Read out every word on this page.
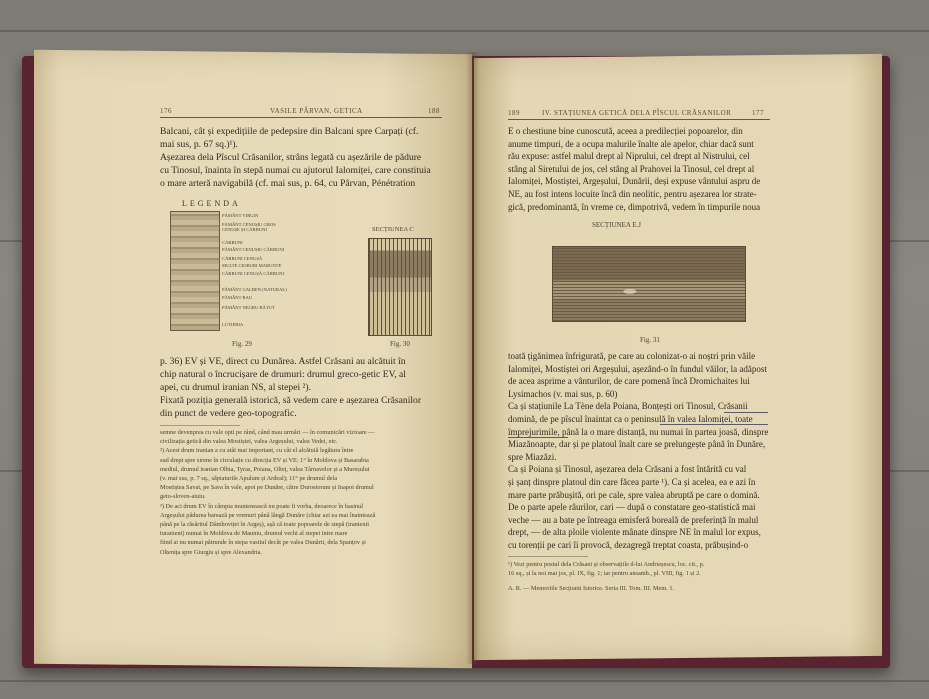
176	VASILE PÂRVAN, GETICA	188
Balcani, cât și expedițiile de pedepsire din Balcani spre Carpați (cf.
mai sus, p. 67 sq.)¹).
Așezarea dela Pîscul Crăsanilor, strâns legată cu așezările de pădure
cu Tinosul, înainta în stepă numai cu ajutorul Ialomiței, care constituia
o mare arteră navigabilă (cf. mai sus, p. 64, cu Pârvan, Pénétration
LEGENDA
PĂMÂNT VIRGIN
PĂMÂNT CENUȘIU GROS CENUȘE ȘI CĂRBUNI
CĂRBUNI
PĂMÂNT CENUȘIU CĂRBUNI
CĂRBUNI CENUȘĂ
MULTE CIOBURI MARUNTE
CĂRBUNI CENUȘĂ CĂRBUNI
PĂMÂNT GALBEN (NATURAL)
PĂMÂNT RAU
PĂMÂNT NEGRU BĂTUT
LUTIERIA
SECȚIUNEA C
Fig. 29	Fig. 30
p. 36) EV și VE, direct cu Dunărea. Astfel Crăsani au alcătuit în
chip natural o încrucișare de drumuri: drumul greco-getic EV, al
apei, cu drumul iranian NS, al stepei ²).
Fixată poziția generală istorică, să vedem care e așezarea Crăsanilor
din punct de vedere geo-topografic.
semne devenprea cu vale opti pe rând, când mau urmări — în comunicări vizioare —
civilizația getică din valea Mostiștei, valea Argeșului, valea Vedei, etc.
²) Acest drum iranian a cu atât mai important, cu cât el alcătuiă legătura între
sud drept spre sirene în circulație cu direcția EV și VE: 1° în Moldova și Basarabia
mediul, drumul iranian Olbia, Tyras, Poiana, Olteț, valea Târnavelor și a Mureșului
(v. mai sus, p. 7 sq., săpiaturile Apulum și Ardeal); 11° pe drumul dela
Mostiștea Savai, pe Sava în vale, apoi pe Dunăre, către Durostorum și Inapoi drumul
geto-sloven-aiuiu.
³) De aci drum EV în câmpia muntenească nu poate fi vorba, deoarece în basinul
Argeșului pădurea barează pe vremuri până lângă Dunăre (chiar azi ea mai înaintează
până pe la răsăritul Dâmboviței în Argeș), așă că toate popoarele de stepă (iranienii
turanieni) numai în Moldova de Mauniu, drumul vechi al stepei intre mare
fiind ai nu numai pătrunde în stepa vastiul decât pe valea Dunării, dela Spanțov și
Oltenița spre Giurgiu și spre Alexandria.
189	IV. STAȚIUNEA GETICĂ DELA PÎSCUL CRĂSANILOR	177
E o chestiune bine cunoscută, aceea a predilecției popoarelor, din
anume timpuri, de a ocupa malurile înalte ale apelor, chiar dacă sunt
rău expuse: astfel malul drept al Niprului, cel drept al Nistrului, cel
stâng al Siretului de jos, cel stâng al Prahovei la Tinosul, cel drept al
Ialomiței, Mostiștei, Argeșului, Dunării, deși expuse vântului aspru de
NE, au fost intens locuite încă din neolitic, pentru așezarea lor strate-
gică, predominantă, în vreme ce, dimpotrivă, vedem în timpurile noua
SECȚIUNEA E.J
Fig. 31
toată țigănimea înfrigurată, pe care au colonizat-o ai noștri prin văile
Ialomiței, Mostiștei ori Argeșului, așezând-o în fundul văilor, la adăpost
de acea asprime a vânturilor, de care pomenă încă Dromichaites lui
Lysimachos (v. mai sus, p. 60)
Ca și stațiunile La Tène dela Poiana, Bonțești ori Tinosul, Crăsanii
domină, de pe pîscul înaintat ca o peninsulă în valea Ialomiței, toate
împrejurimile, până la o mare distanță, nu numai în partea joasă, dinspre
Miazănoapte, dar și pe platoul înalt care se prelungește până în Dunăre,
spre Miazăzi.
Ca și Poiana și Tinosul, așezarea dela Crăsani a fost întărită cu val
și șanț dinspre platoul din care făcea parte ¹). Ca și acelea, ea e azi în
mare parte prăbușită, ori pe cale, spre valea abruptă pe care o domină.
De o parte apele râurilor, cari — după o constatare geo-statistică mai
veche — au a bate pe întreaga emisferă boreală de preferință în malul
drept, — de alta ploile violente mânate dinspre NE în malul lor expus,
cu torenții pe cari îi provocă, dezagregă treptat coasta, prăbușind-o
¹) Vezi pentru postul dela Crăsani și observațiile d-lui Andrieșescu, loc. cit., p.
16 sq., și la noi mai jos, pl. IX, fig. 1; iar pentru ansamb., pl. VIII, fig. 1 și 2.
A. R. — Memoriile Secțiunii Istorice. Seria III. Tom. III. Mem. 1.
